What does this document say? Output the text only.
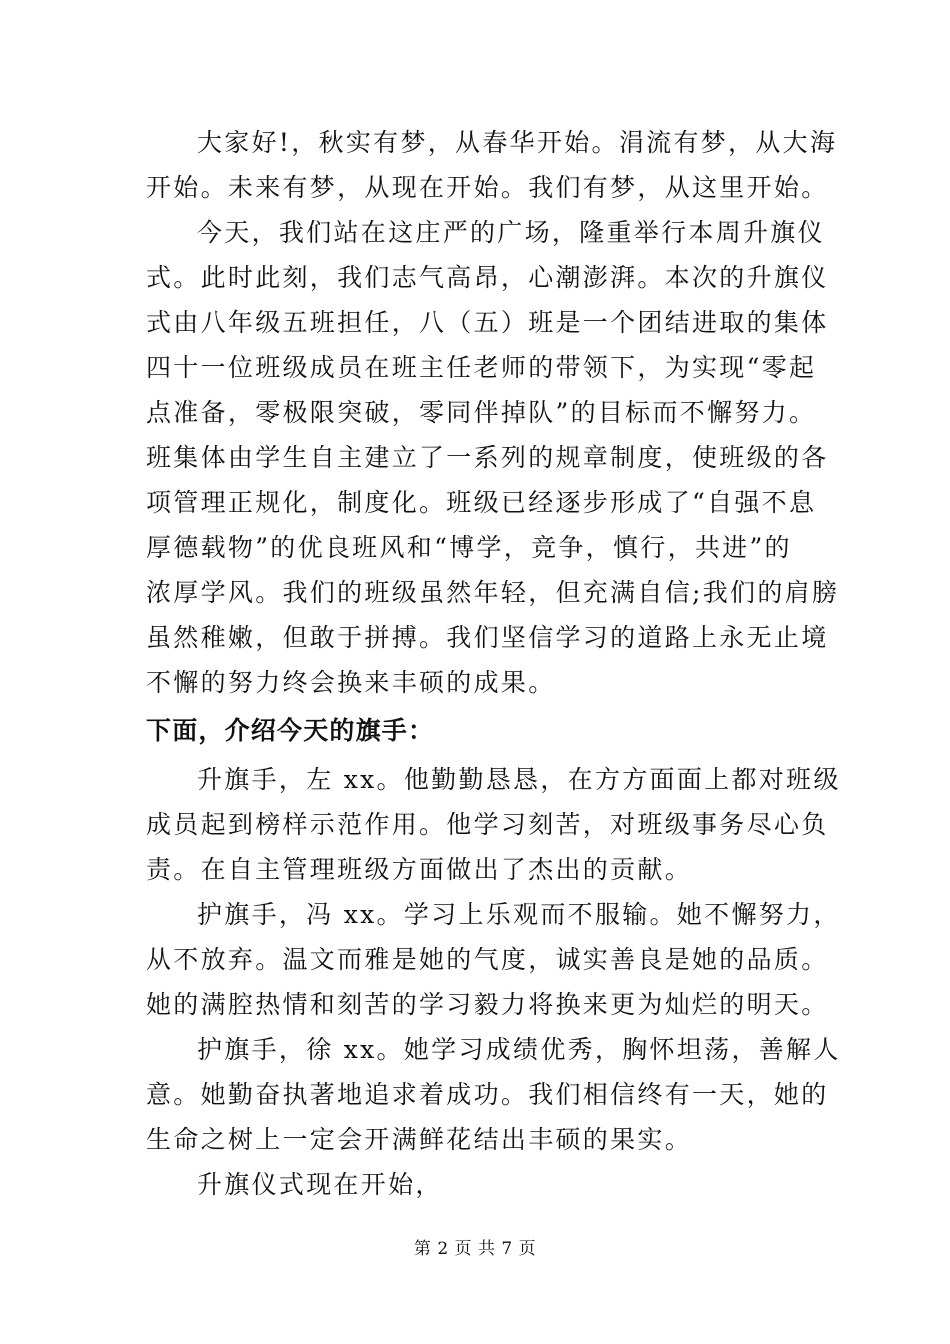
大家好!，秋实有梦，从春华开始。涓流有梦，从大海
开始。未来有梦，从现在开始。我们有梦，从这里开始。
今天，我们站在这庄严的广场，隆重举行本周升旗仪
式。此时此刻，我们志气高昂，心潮澎湃。本次的升旗仪
式由八年级五班担任，八（五）班是一个团结进取的集体
四十一位班级成员在班主任老师的带领下，为实现“零起
点准备，零极限突破，零同伴掉队”的目标而不懈努力。
班集体由学生自主建立了一系列的规章制度，使班级的各
项管理正规化，制度化。班级已经逐步形成了“自强不息
厚德载物”的优良班风和“博学，竞争，慎行，共进”的
浓厚学风。我们的班级虽然年轻，但充满自信;我们的肩膀
虽然稚嫩，但敢于拼搏。我们坚信学习的道路上永无止境
不懈的努力终会换来丰硕的成果。
下面，介绍今天的旗手：
升旗手，左 xx。他勤勤恳恳，在方方面面上都对班级
成员起到榜样示范作用。他学习刻苦，对班级事务尽心负
责。在自主管理班级方面做出了杰出的贡献。
护旗手，冯 xx。学习上乐观而不服输。她不懈努力，
从不放弃。温文而雅是她的气度，诚实善良是她的品质。
她的满腔热情和刻苦的学习毅力将换来更为灿烂的明天。
护旗手，徐 xx。她学习成绩优秀，胸怀坦荡，善解人
意。她勤奋执著地追求着成功。我们相信终有一天，她的
生命之树上一定会开满鲜花结出丰硕的果实。
升旗仪式现在开始，
第 2 页 共 7 页
